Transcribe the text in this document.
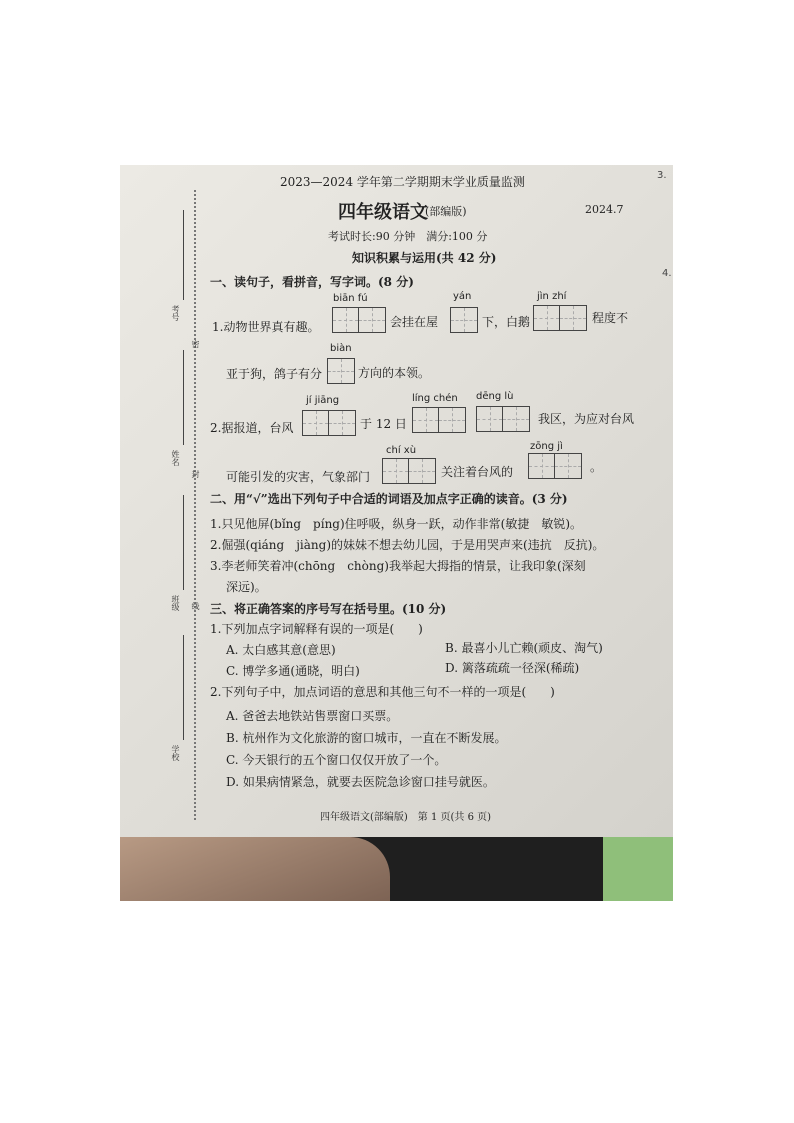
考号
密
姓名
封
班级 线
学校
2023—2024 学年第二学期期末学业质量监测
四年级语文
(部编版)	2024.7
考试时长:90 分钟　满分:100 分
知识积累与运用(共 42 分)
一、读句子，看拼音，写字词。(8 分)
biān fú	yán	jìn zhí
1.动物世界真有趣。	会挂在屋	下，白鹅	程度不
biàn
亚于狗，鸽子有分	方向的本领。
jí jiāng	líng chén dēng lù
2.据报道，台风	于 12 日	我区，为应对台风
chí xù	zōng jì
可能引发的灾害，气象部门	关注着台风的	。
二、用“√”选出下列句子中合适的词语及加点字正确的读音。(3 分)
1.只见他屏(bǐng　píng)住呼吸，纵身一跃，动作非常(敏捷　敏锐)。
2.倔强(qiáng　jiàng)的妹妹不想去幼儿园，于是用哭声来(违抗　反抗)。
3.李老师笑着冲(chōng　chòng)我举起大拇指的情景，让我印象(深刻
深远)。
三、将正确答案的序号写在括号里。(10 分)
1.下列加点字词解释有误的一项是(　　)
A. 太白感其意(意思)	B. 最喜小儿亡赖(顽皮、淘气)
C. 博学多通(通晓，明白)	D. 篱落疏疏一径深(稀疏)
2.下列句子中，加点词语的意思和其他三句不一样的一项是(　　)
A. 爸爸去地铁站售票窗口买票。
B. 杭州作为文化旅游的窗口城市，一直在不断发展。
C. 今天银行的五个窗口仅仅开放了一个。
D. 如果病情紧急，就要去医院急诊窗口挂号就医。
四年级语文(部编版)　第 1 页(共 6 页)
3.
4.
